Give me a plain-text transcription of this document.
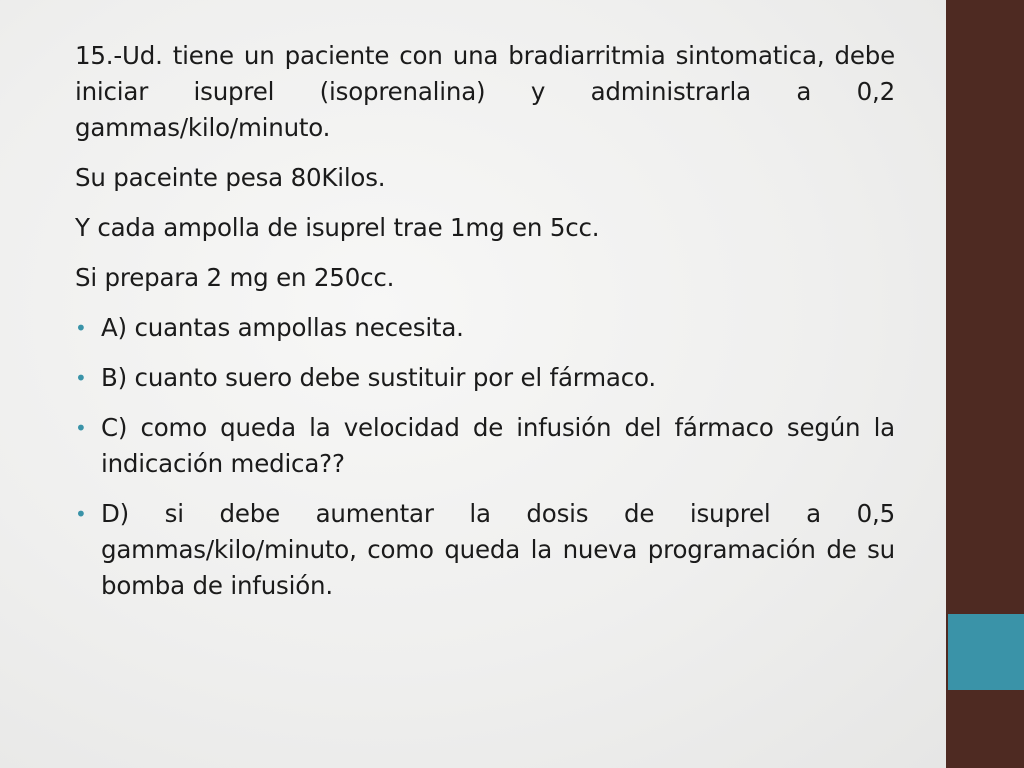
15.-Ud. tiene un paciente con una bradiarritmia sintomatica, debe iniciar isuprel (isoprenalina) y administrarla a 0,2 gammas/kilo/minuto.

Su paceinte pesa 80Kilos.

Y cada ampolla de isuprel trae 1mg en 5cc.

Si prepara 2 mg en 250cc.

• A) cuantas ampollas necesita.
• B) cuanto suero debe sustituir por el fármaco.
• C) como queda la velocidad de infusión del fármaco según la indicación medica??
• D) si debe aumentar la dosis de isuprel a 0,5 gammas/kilo/minuto, como queda la nueva programación de su bomba de infusión.
